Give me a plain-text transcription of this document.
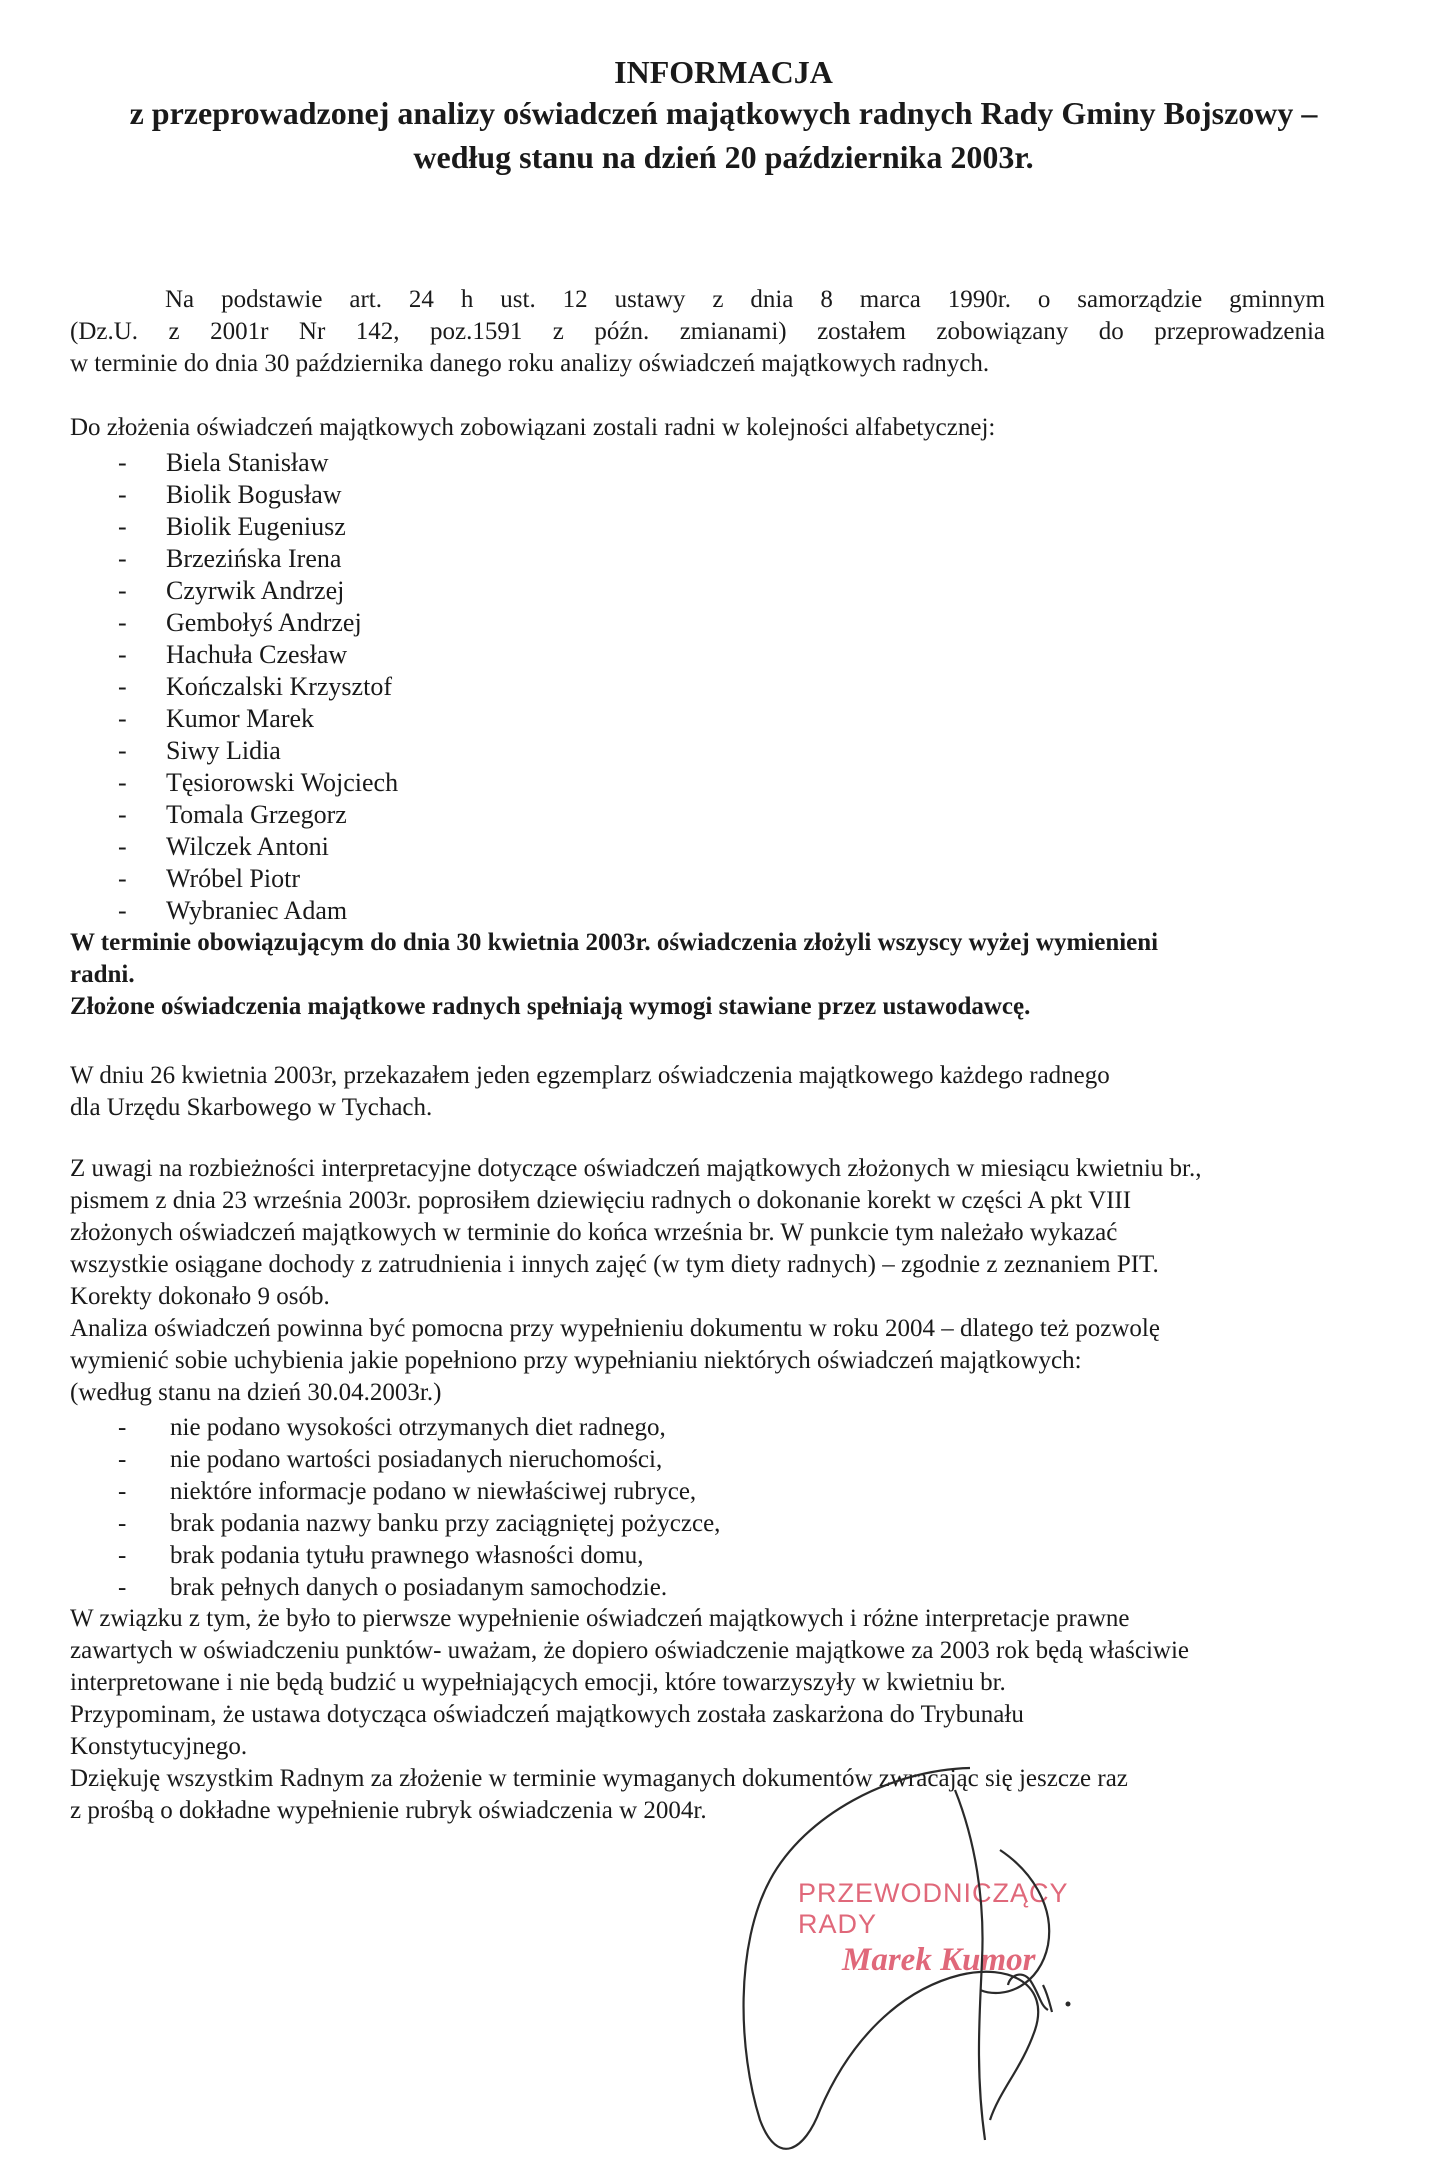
INFORMACJA
z przeprowadzonej analizy oświadczeń majątkowych radnych Rady Gminy Bojszowy –
według stanu na dzień 20 października 2003r.

Na podstawie art. 24 h ust. 12 ustawy z dnia 8 marca 1990r. o samorządzie gminnym
(Dz.U. z 2001r Nr 142, poz.1591 z późn. zmianami) zostałem zobowiązany do przeprowadzenia
w terminie do dnia 30 października danego roku analizy oświadczeń majątkowych radnych.

Do złożenia oświadczeń majątkowych zobowiązani zostali radni w kolejności alfabetycznej:

- Biela Stanisław
- Biolik Bogusław
- Biolik Eugeniusz
- Brzezińska Irena
- Czyrwik Andrzej
- Gembołyś Andrzej
- Hachuła Czesław
- Kończalski Krzysztof
- Kumor Marek
- Siwy Lidia
- Tęsiorowski Wojciech
- Tomala Grzegorz
- Wilczek Antoni
- Wróbel Piotr
- Wybraniec Adam

W terminie obowiązującym do dnia 30 kwietnia 2003r. oświadczenia złożyli wszyscy wyżej wymienieni
radni.
Złożone oświadczenia majątkowe radnych spełniają wymogi stawiane przez ustawodawcę.

W dniu 26 kwietnia 2003r, przekazałem jeden egzemplarz oświadczenia majątkowego każdego radnego
dla Urzędu Skarbowego w Tychach.

Z uwagi na rozbieżności interpretacyjne dotyczące oświadczeń majątkowych złożonych w miesiącu kwietniu br.,
pismem z dnia 23 września 2003r. poprosiłem dziewięciu radnych o dokonanie korekt w części A pkt VIII
złożonych oświadczeń majątkowych w terminie do końca września br. W punkcie tym należało wykazać
wszystkie osiągane dochody z zatrudnienia i innych zajęć (w tym diety radnych) – zgodnie z zeznaniem PIT.
Korekty dokonało 9 osób.
Analiza oświadczeń powinna być pomocna przy wypełnieniu dokumentu w roku 2004 – dlatego też pozwolę
wymienić sobie uchybienia jakie popełniono przy wypełnianiu niektórych oświadczeń majątkowych:
(według stanu na dzień 30.04.2003r.)

- nie podano wysokości otrzymanych diet radnego,
- nie podano wartości posiadanych nieruchomości,
- niektóre informacje podano w niewłaściwej rubryce,
- brak podania nazwy banku przy zaciągniętej pożyczce,
- brak podania tytułu prawnego własności domu,
- brak pełnych danych o posiadanym samochodzie.

W związku z tym, że było to pierwsze wypełnienie oświadczeń majątkowych i różne interpretacje prawne
zawartych w oświadczeniu punktów- uważam, że dopiero oświadczenie majątkowe za 2003 rok będą właściwie
interpretowane i nie będą budzić u wypełniających emocji, które towarzyszyły w kwietniu br.
Przypominam, że ustawa dotycząca oświadczeń majątkowych została zaskarżona do Trybunału
Konstytucyjnego.
Dziękuję wszystkim Radnym za złożenie w terminie wymaganych dokumentów zwracając się jeszcze raz
z prośbą o dokładne wypełnienie rubryk oświadczenia w 2004r.

PRZEWODNICZĄCY RADY
Marek Kumor
